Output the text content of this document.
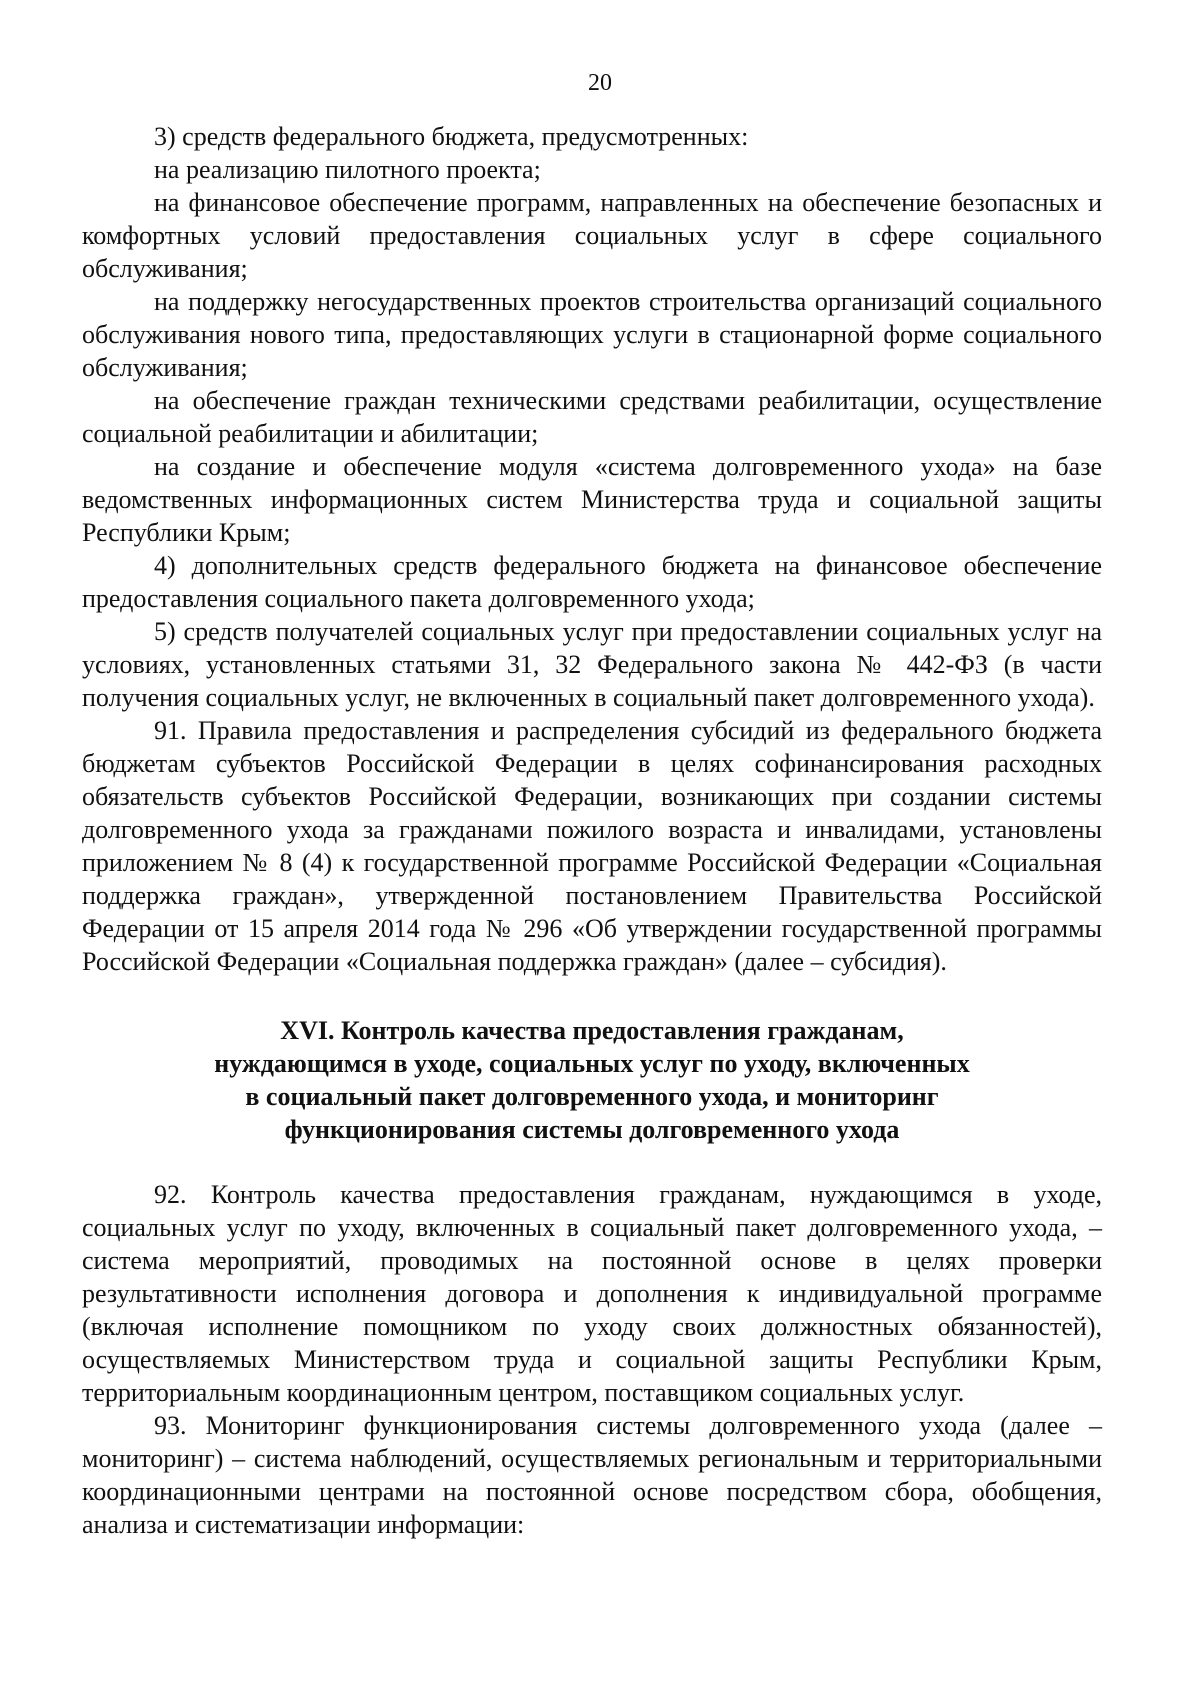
20

3) средств федерального бюджета, предусмотренных:

на реализацию пилотного проекта;

на финансовое обеспечение программ, направленных на обеспечение безопасных и комфортных условий предоставления социальных услуг в сфере социального обслуживания;

на поддержку негосударственных проектов строительства организаций социального обслуживания нового типа, предоставляющих услуги в стационарной форме социального обслуживания;

на обеспечение граждан техническими средствами реабилитации, осуществление социальной реабилитации и абилитации;

на создание и обеспечение модуля «система долговременного ухода» на базе ведомственных информационных систем Министерства труда и социальной защиты Республики Крым;

4) дополнительных средств федерального бюджета на финансовое обеспечение предоставления социального пакета долговременного ухода;

5) средств получателей социальных услуг при предоставлении социальных услуг на условиях, установленных статьями 31, 32 Федерального закона № 442-ФЗ (в части получения социальных услуг, не включенных в социальный пакет долговременного ухода).

91. Правила предоставления и распределения субсидий из федерального бюджета бюджетам субъектов Российской Федерации в целях софинансирования расходных обязательств субъектов Российской Федерации, возникающих при создании системы долговременного ухода за гражданами пожилого возраста и инвалидами, установлены приложением № 8 (4) к государственной программе Российской Федерации «Социальная поддержка граждан», утвержденной постановлением Правительства Российской Федерации от 15 апреля 2014 года № 296 «Об утверждении государственной программы Российской Федерации «Социальная поддержка граждан» (далее – субсидия).

XVI. Контроль качества предоставления гражданам,
нуждающимся в уходе, социальных услуг по уходу, включенных
в социальный пакет долговременного ухода, и мониторинг
функционирования системы долговременного ухода

92. Контроль качества предоставления гражданам, нуждающимся в уходе, социальных услуг по уходу, включенных в социальный пакет долговременного ухода, – система мероприятий, проводимых на постоянной основе в целях проверки результативности исполнения договора и дополнения к индивидуальной программе (включая исполнение помощником по уходу своих должностных обязанностей), осуществляемых Министерством труда и социальной защиты Республики Крым, территориальным координационным центром, поставщиком социальных услуг.

93. Мониторинг функционирования системы долговременного ухода (далее – мониторинг) – система наблюдений, осуществляемых региональным и территориальными координационными центрами на постоянной основе посредством сбора, обобщения, анализа и систематизации информации:
